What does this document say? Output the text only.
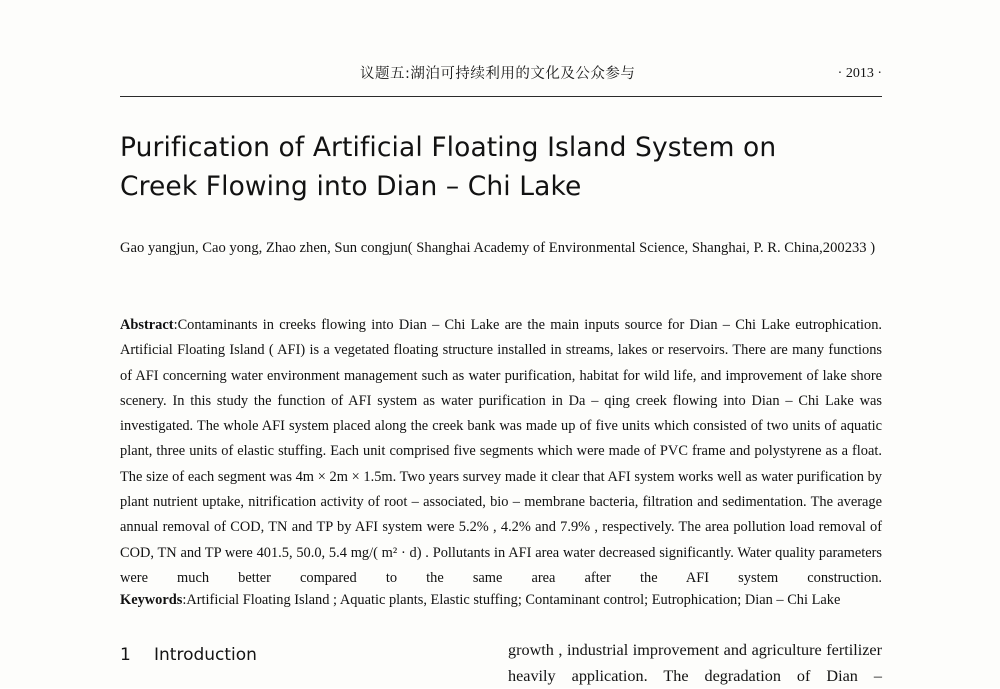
议题五:湖泊可持续利用的文化及公众参与	· 2013 ·
Purification of Artificial Floating Island System on Creek Flowing into Dian – Chi Lake
Gao yangjun, Cao yong, Zhao zhen, Sun congjun( Shanghai Academy of Environmental Science, Shanghai, P. R. China,200233 )
Abstract:Contaminants in creeks flowing into Dian – Chi Lake are the main inputs source for Dian – Chi Lake eutrophication. Artificial Floating Island ( AFI) is a vegetated floating structure installed in streams, lakes or reservoirs. There are many functions of AFI concerning water environment management such as water purification, habitat for wild life, and improvement of lake shore scenery. In this study the function of AFI system as water purification in Da – qing creek flowing into Dian – Chi Lake was investigated. The whole AFI system placed along the creek bank was made up of five units which consisted of two units of aquatic plant, three units of elastic stuffing. Each unit comprised five segments which were made of PVC frame and polystyrene as a float. The size of each segment was 4m × 2m × 1.5m. Two years survey made it clear that AFI system works well as water purification by plant nutrient uptake, nitrification activity of root – associated, bio – membrane bacteria, filtration and sedimentation. The average annual removal of COD, TN and TP by AFI system were 5.2% , 4.2% and 7.9% , respectively. The area pollution load removal of COD, TN and TP were 401.5, 50.0, 5.4 mg/( m² · d) . Pollutants in AFI area water decreased significantly. Water quality parameters were much better compared to the same area after the AFI system construction.
Keywords:Artificial Floating Island ; Aquatic plants, Elastic stuffing; Contaminant control; Eutrophication; Dian – Chi Lake
1 Introduction	growth , industrial improvement and agriculture fertilizer heavily application. The degradation of Dian –
